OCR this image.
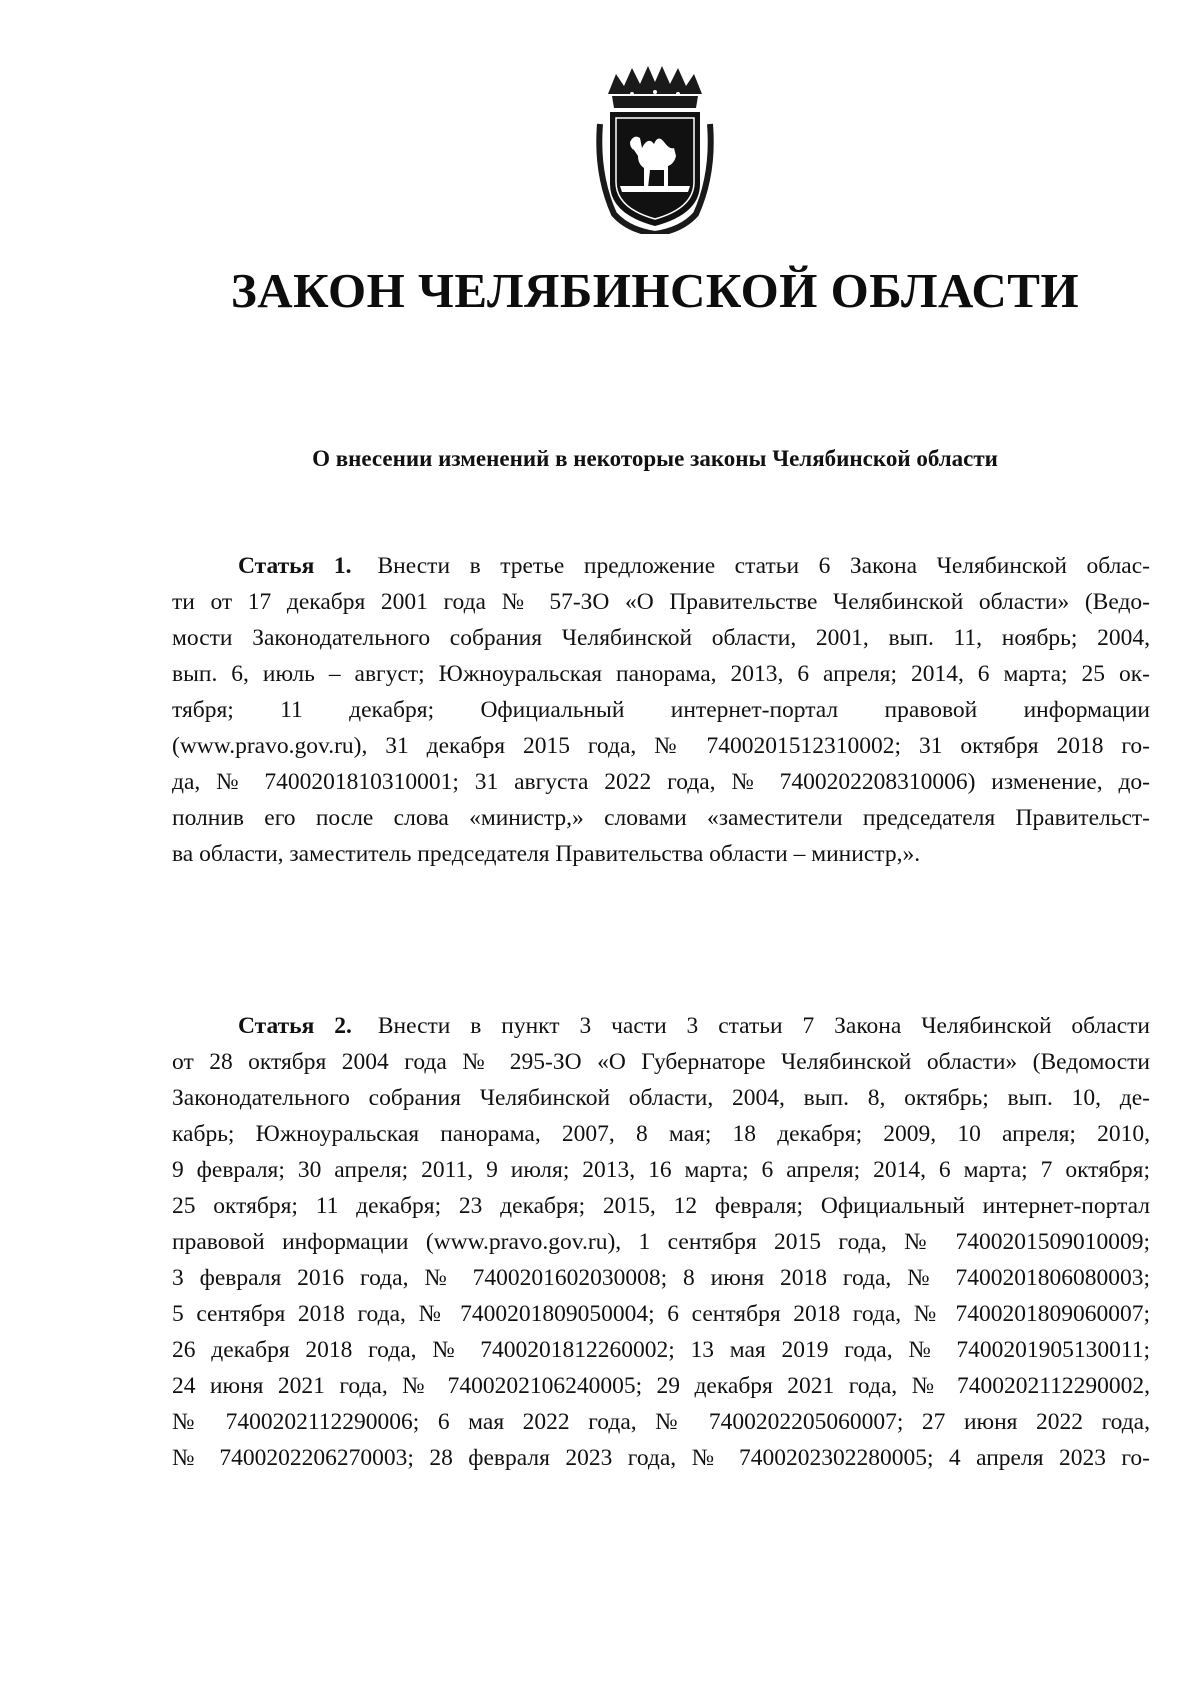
ЗАКОН ЧЕЛЯБИНСКОЙ ОБЛАСТИ
О внесении изменений в некоторые законы Челябинской области
Статья 1. Внести в третье предложение статьи 6 Закона Челябинской облас-
ти от 17 декабря 2001 года № 57-ЗО «О Правительстве Челябинской области» (Ведо-
мости Законодательного собрания Челябинской области, 2001, вып. 11, ноябрь; 2004,
вып. 6, июль – август; Южноуральская панорама, 2013, 6 апреля; 2014, 6 марта; 25 ок-
тября; 11 декабря; Официальный интернет-портал правовой информации
(www.pravo.gov.ru), 31 декабря 2015 года, № 7400201512310002; 31 октября 2018 го-
да, № 7400201810310001; 31 августа 2022 года, № 7400202208310006) изменение, до-
полнив его после слова «министр,» словами «заместители председателя Правительст-
ва области, заместитель председателя Правительства области – министр,».
Статья 2. Внести в пункт 3 части 3 статьи 7 Закона Челябинской области
от 28 октября 2004 года № 295-ЗО «О Губернаторе Челябинской области» (Ведомости
Законодательного собрания Челябинской области, 2004, вып. 8, октябрь; вып. 10, де-
кабрь; Южноуральская панорама, 2007, 8 мая; 18 декабря; 2009, 10 апреля; 2010,
9 февраля; 30 апреля; 2011, 9 июля; 2013, 16 марта; 6 апреля; 2014, 6 марта; 7 октября;
25 октября; 11 декабря; 23 декабря; 2015, 12 февраля; Официальный интернет-портал
правовой информации (www.pravo.gov.ru), 1 сентября 2015 года, № 7400201509010009;
3 февраля 2016 года, № 7400201602030008; 8 июня 2018 года, № 7400201806080003;
5 сентября 2018 года, № 7400201809050004; 6 сентября 2018 года, № 7400201809060007;
26 декабря 2018 года, № 7400201812260002; 13 мая 2019 года, № 7400201905130011;
24 июня 2021 года, № 7400202106240005; 29 декабря 2021 года, № 7400202112290002,
№ 7400202112290006; 6 мая 2022 года, № 7400202205060007; 27 июня 2022 года,
№ 7400202206270003; 28 февраля 2023 года, № 7400202302280005; 4 апреля 2023 го-
